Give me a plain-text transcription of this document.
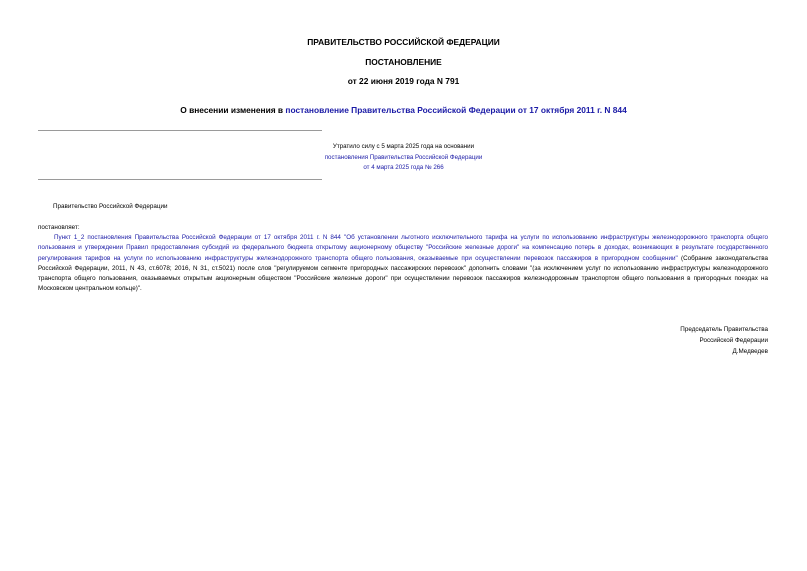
ПРАВИТЕЛЬСТВО РОССИЙСКОЙ ФЕДЕРАЦИИ
ПОСТАНОВЛЕНИЕ
от 22 июня 2019 года N 791
О внесении изменения в постановление Правительства Российской Федерации от 17 октября 2011 г. N 844
Утратило силу с 5 марта 2025 года на основании
постановления Правительства Российской Федерации
от 4 марта 2025 года № 266
Правительство Российской Федерации
постановляет:
Пункт 1_2 постановления Правительства Российской Федерации от 17 октября 2011 г. N 844 "Об установлении льготного исключительного тарифа на услуги по использованию инфраструктуры железнодорожного транспорта общего пользования и утверждении Правил предоставления субсидий из федерального бюджета открытому акционерному обществу "Российские железные дороги" на компенсацию потерь в доходах, возникающих в результате государственного регулирования тарифов на услуги по использованию инфраструктуры железнодорожного транспорта общего пользования, оказываемые при осуществлении перевозок пассажиров в пригородном сообщении" (Собрание законодательства Российской Федерации, 2011, N 43, ст.6078; 2016, N 31, ст.5021) после слов "регулируемом сегменте пригородных пассажирских перевозок" дополнить словами "(за исключением услуг по использованию инфраструктуры железнодорожного транспорта общего пользования, оказываемых открытым акционерным обществом "Российские железные дороги" при осуществлении перевозок пассажиров железнодорожным транспортом общего пользования в пригородных поездах на Московском центральном кольце)".
Председатель Правительства
Российской Федерации
Д.Медведев
